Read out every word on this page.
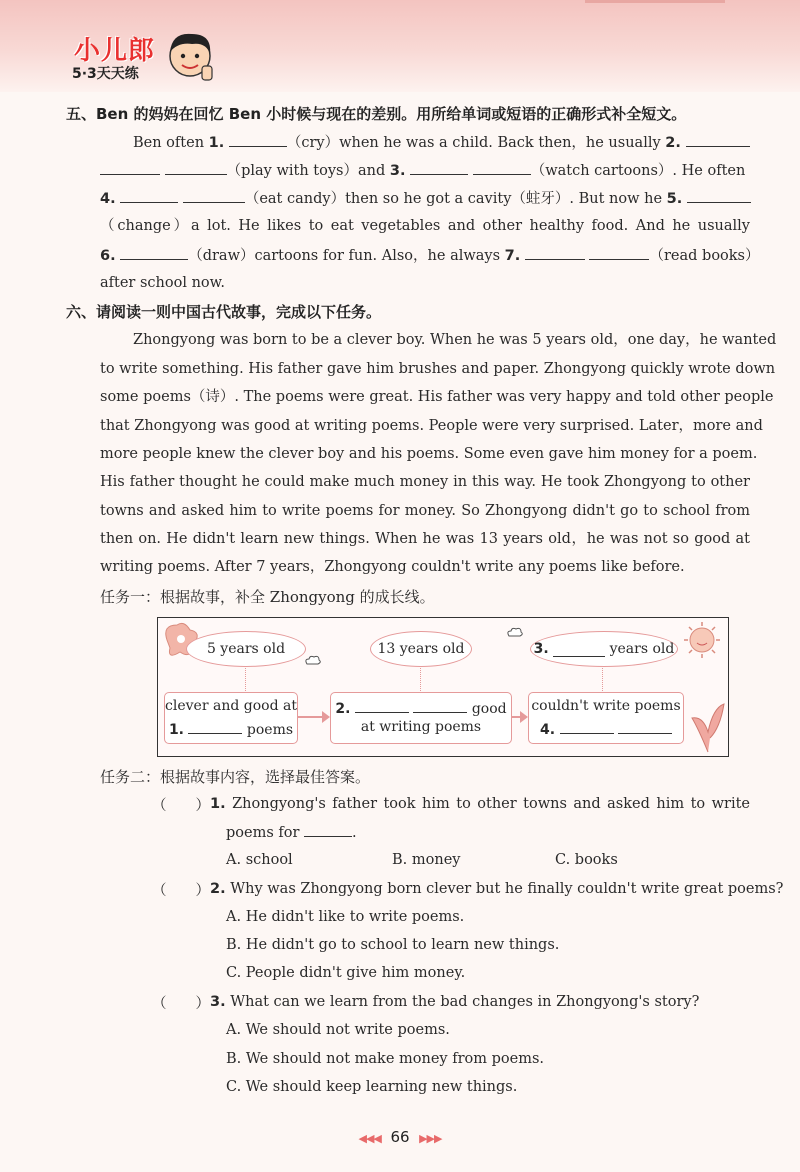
小儿郎
5·3天天练
五、Ben 的妈妈在回忆 Ben 小时候与现在的差别。用所给单词或短语的正确形式补全短文。
Ben often 1.	（cry）when he was a child. Back then，he usually 2.
（play with toys）and 3.	（watch cartoons）. He often
4.	（eat candy）then so he got a cavity（蛀牙）. But now he 5.
（change）a lot. He likes to eat vegetables and other healthy food. And he usually
6.	（draw）cartoons for fun. Also，he always 7.	（read books）
after school now.
六、请阅读一则中国古代故事，完成以下任务。
Zhongyong was born to be a clever boy. When he was 5 years old，one day，he wanted
to write something. His father gave him brushes and paper. Zhongyong quickly wrote down
some poems（诗）. The poems were great. His father was very happy and told other people
that Zhongyong was good at writing poems. People were very surprised. Later，more and
more people knew the clever boy and his poems. Some even gave him money for a poem.
His father thought he could make much money in this way. He took Zhongyong to other
towns and asked him to write poems for money. So Zhongyong didn't go to school from
then on. He didn't learn new things. When he was 13 years old，he was not so good at
writing poems. After 7 years，Zhongyong couldn't write any poems like before.
任务一：根据故事，补全 Zhongyong 的成长线。
5 years old	13 years old	3.

	years old
clever and good at
1.	poems
2.	good
at writing poems
couldn't write poems
4.
任务二：根据故事内容，选择最佳答案。
（　　） 1. Zhongyong's father took him to other towns and asked him to write
poems for	.
A. school	B. money	C. books
（　　） 2. Why was Zhongyong born clever but he finally couldn't write great poems?
A. He didn't like to write poems.
B. He didn't go to school to learn new things.
C. People didn't give him money.
（　　） 3. What can we learn from the bad changes in Zhongyong's story?
A. We should not write poems.
B. We should not make money from poems.
C. We should keep learning new things.
◀◀◀ 66 ▶▶▶
